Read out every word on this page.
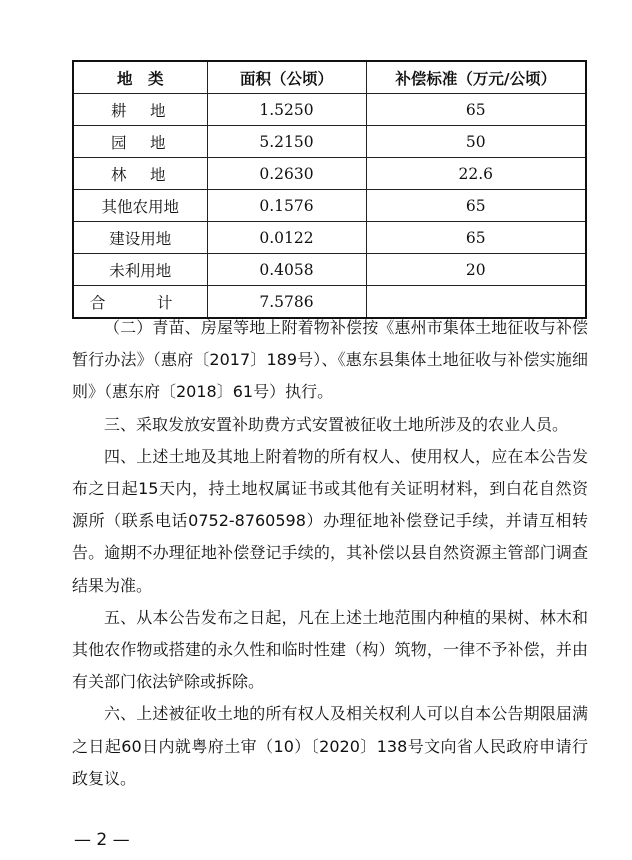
地　类	面积（公顷）	补偿标准（万元/公顷）
耕　地	1.5250	65
园　地	5.2150	50
林　地	0.2630	22.6
其他农用地	0.1576	65
建设用地	0.0122	65
未利用地	0.4058	20
合　计	7.5786	

（二）青苗、房屋等地上附着物补偿按《惠州市集体土地征收与补偿暂行办法》（惠府〔2017〕189号）、《惠东县集体土地征收与补偿实施细则》（惠东府〔2018〕61号）执行。

三、采取发放安置补助费方式安置被征收土地所涉及的农业人员。

四、上述土地及其地上附着物的所有权人、使用权人，应在本公告发布之日起15天内，持土地权属证书或其他有关证明材料，到白花自然资源所（联系电话0752-8760598）办理征地补偿登记手续，并请互相转告。逾期不办理征地补偿登记手续的，其补偿以县自然资源主管部门调查结果为准。

五、从本公告发布之日起，凡在上述土地范围内种植的果树、林木和其他农作物或搭建的永久性和临时性建（构）筑物，一律不予补偿，并由有关部门依法铲除或拆除。

六、上述被征收土地的所有权人及相关权利人可以自本公告期限届满之日起60日内就粤府土审（10）〔2020〕138号文向省人民政府申请行政复议。

— 2 —
